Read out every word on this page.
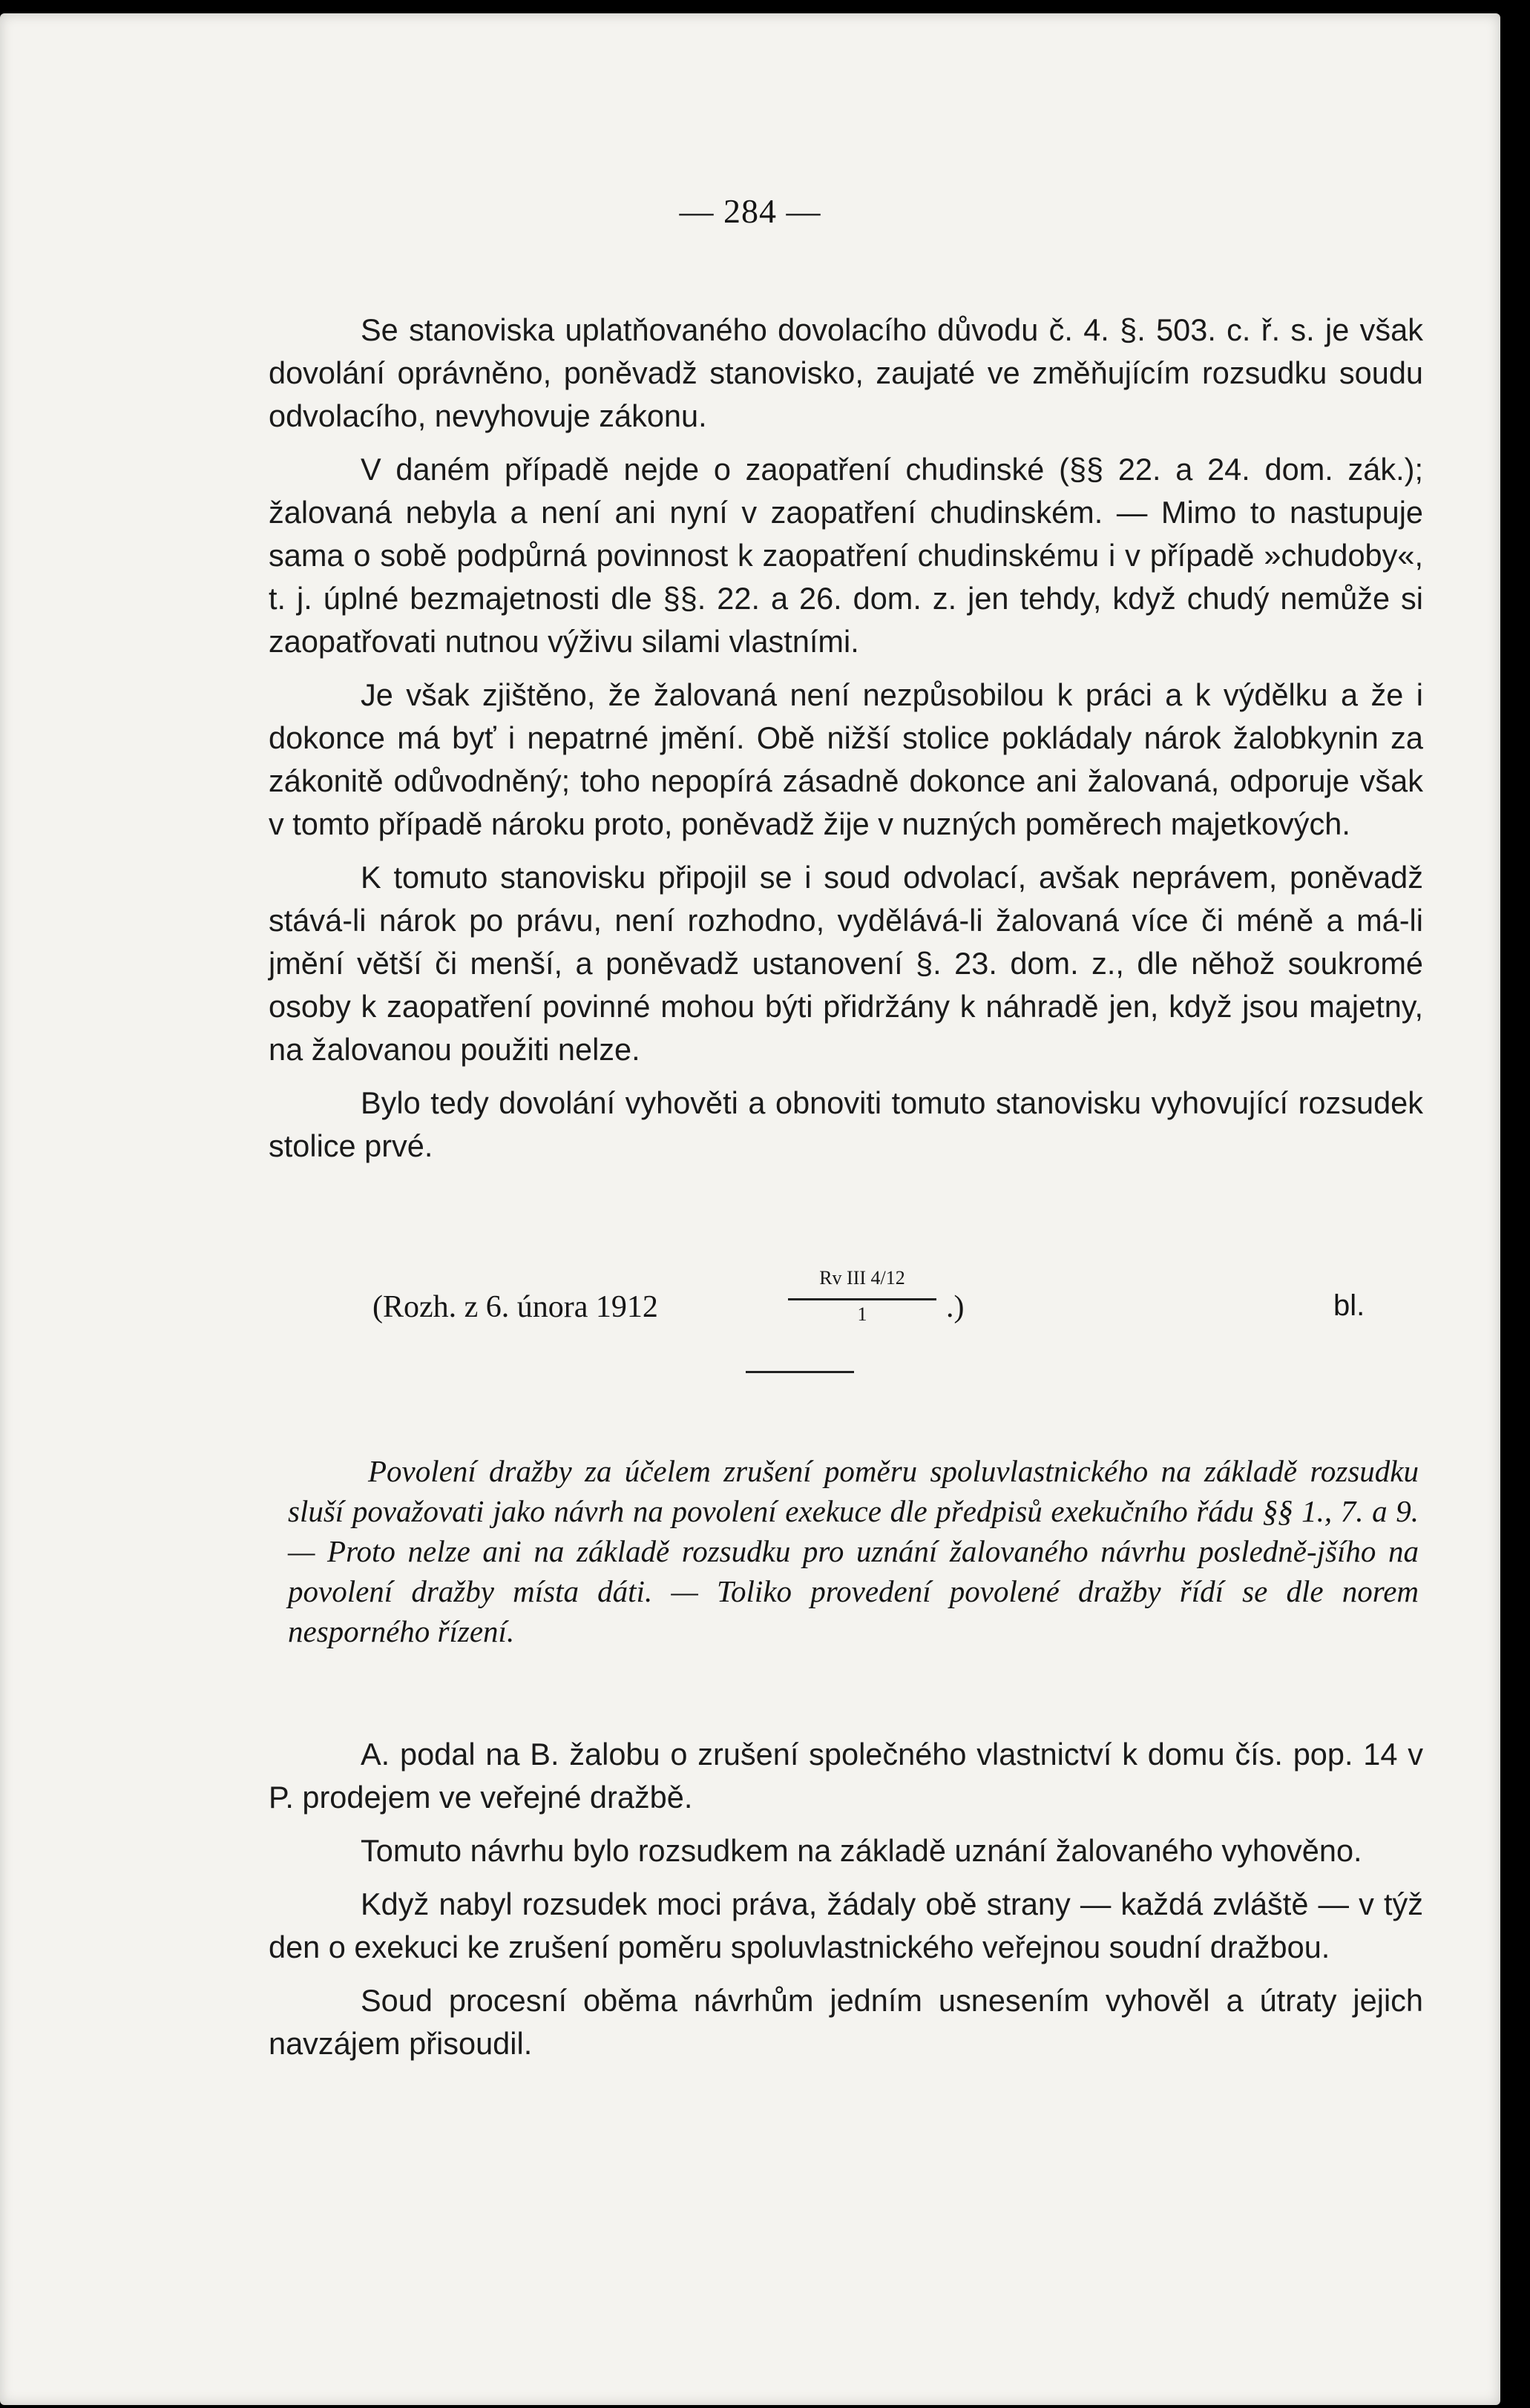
— 284 —

Se stanoviska uplatňovaného dovolacího důvodu č. 4. §. 503. c. ř. s. je však dovolání oprávněno, poněvadž stanovisko, zaujaté ve změňujícím rozsudku soudu odvolacího, nevyhovuje zákonu.

V daném případě nejde o zaopatření chudinské (§§ 22. a 24. dom. zák.); žalovaná nebyla a není ani nyní v zaopatření chudinském. — Mimo to nastupuje sama o sobě podpůrná povinnost k zaopatření chudinskému i v případě »chudoby«, t. j. úplné bezmajetnosti dle §§. 22. a 26. dom. z. jen tehdy, když chudý nemůže si zaopatřovati nutnou výživu silami vlastními.

Je však zjištěno, že žalovaná není nezpůsobilou k práci a k výdělku a že i dokonce má byť i nepatrné jmění. Obě nižší stolice pokládaly nárok žalobkynin za zákonitě odůvodněný; toho nepopírá zásadně dokonce ani žalovaná, odporuje však v tomto případě nároku proto, poněvadž žije v nuzných poměrech majetkových.

K tomuto stanovisku připojil se i soud odvolací, avšak neprávem, poněvadž stává-li nárok po právu, není rozhodno, vydělává-li žalovaná více či méně a má-li jmění větší či menší, a poněvadž ustanovení §. 23. dom. z., dle něhož soukromé osoby k zaopatření povinné mohou býti přidržány k náhradě jen, když jsou majetny, na žalovanou použiti nelze.

Bylo tedy dovolání vyhověti a obnoviti tomuto stanovisku vyhovující rozsudek stolice prvé.

(Rozh. z 6. února 1912
Rv III 4/12
1	.)	bl.
Povolení dražby za účelem zrušení poměru spoluvlastnického na základě rozsudku sluší považovati jako návrh na povolení exekuce dle předpisů exekučního řádu §§ 1., 7. a 9. — Proto nelze ani na základě rozsudku pro uznání žalovaného návrhu posledně-jšího na povolení dražby místa dáti. — Toliko provedení povolené dražby řídí se dle norem nesporného řízení.

A. podal na B. žalobu o zrušení společného vlastnictví k domu čís. pop. 14 v P. prodejem ve veřejné dražbě.

Tomuto návrhu bylo rozsudkem na základě uznání žalovaného vyhověno.

Když nabyl rozsudek moci práva, žádaly obě strany — každá zvláště — v týž den o exekuci ke zrušení poměru spoluvlastnického veřejnou soudní dražbou.

Soud procesní oběma návrhům jedním usnesením vyhověl a útraty jejich navzájem přisoudil.
